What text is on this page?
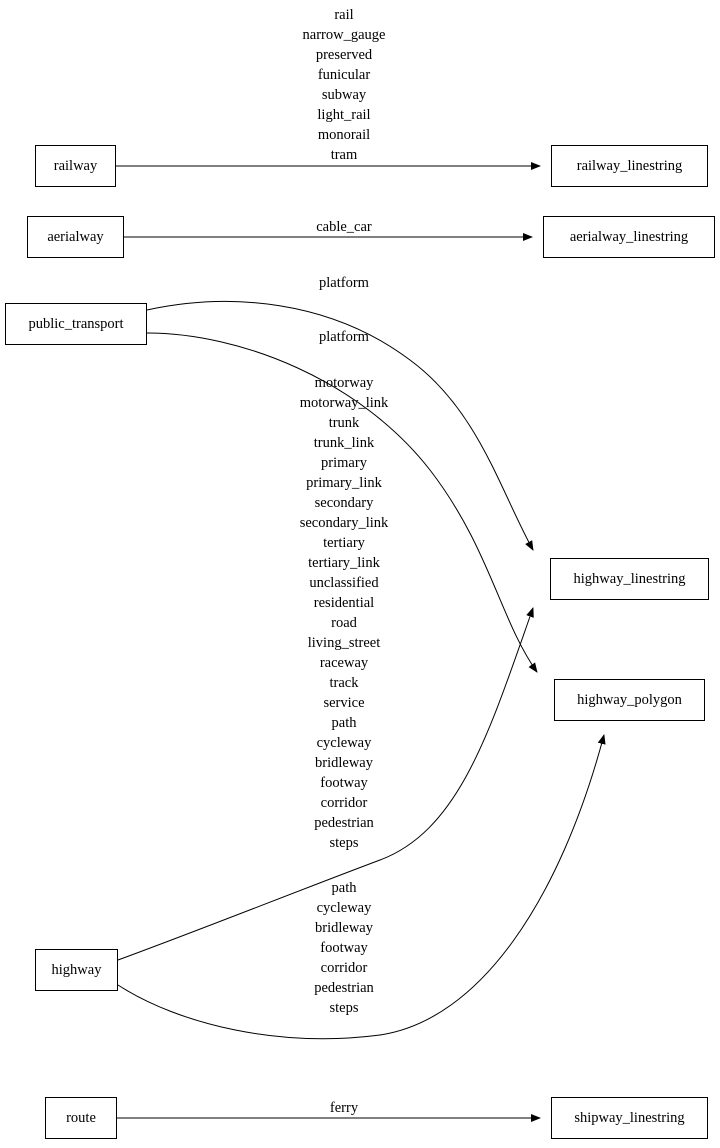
railway	railway_linestring
aerialway	aerialway_linestring
public_transport
highway_linestring
highway_polygon
highway
route	shipway_linestring
rail
narrow_gauge
preserved
funicular
subway
light_rail
monorail
tram
cable_car
platform
platform
motorway
motorway_link
trunk
trunk_link
primary
primary_link
secondary
secondary_link
tertiary
tertiary_link
unclassified
residential
road
living_street
raceway
track
service
path
cycleway
bridleway
footway
corridor
pedestrian
steps
path
cycleway
bridleway
footway
corridor
pedestrian
steps
ferry
